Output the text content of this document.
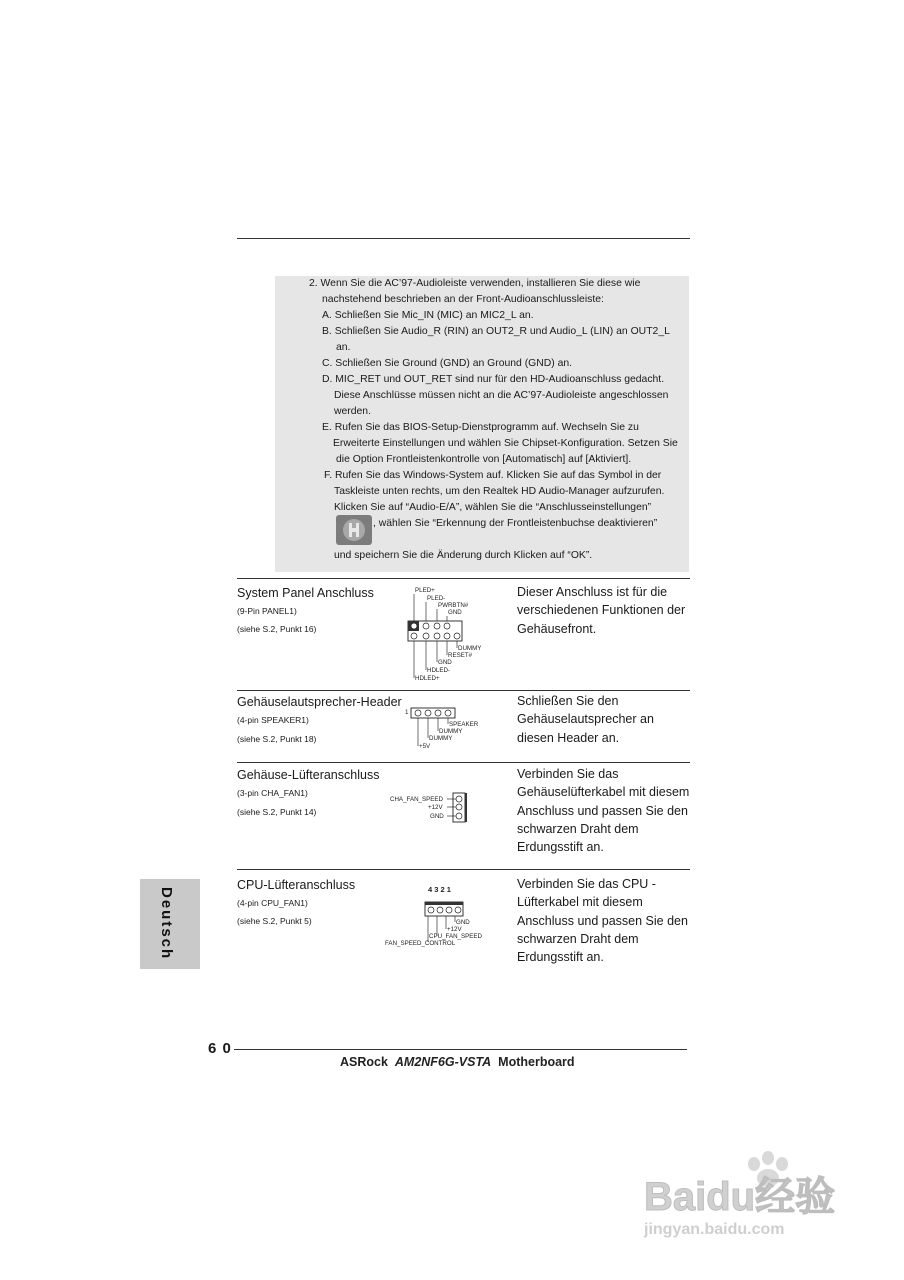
2. Wenn Sie die AC’97-Audioleiste verwenden, installieren Sie diese wie
nachstehend beschrieben an der Front-Audioanschlussleiste:
A. Schließen Sie Mic_IN (MIC) an MIC2_L an.
B. Schließen Sie Audio_R (RIN) an OUT2_R und Audio_L (LIN) an OUT2_L
an.
C. Schließen Sie Ground (GND) an Ground (GND) an.
D. MIC_RET und OUT_RET sind nur für den HD-Audioanschluss gedacht.
Diese Anschlüsse müssen nicht an die AC’97-Audioleiste angeschlossen
werden.
E. Rufen Sie das BIOS-Setup-Dienstprogramm auf. Wechseln Sie zu
Erweiterte Einstellungen und wählen Sie Chipset-Konfiguration. Setzen Sie
die Option Frontleistenkontrolle von [Automatisch] auf [Aktiviert].
F. Rufen Sie das Windows-System auf. Klicken Sie auf das Symbol in der
Taskleiste unten rechts, um den Realtek HD Audio-Manager aufzurufen.
Klicken Sie auf “Audio-E/A”, wählen Sie die “Anschlusseinstellungen”
, wählen Sie “Erkennung der Frontleistenbuchse deaktivieren”
und speichern Sie die Änderung durch Klicken auf “OK”.
Deutsch
System Panel Anschluss
(9-Pin PANEL1)
(siehe S.2, Punkt 16)
Dieser Anschluss ist für die
verschiedenen Funktionen der
Gehäusefront.
PLED+
PLED-
PWRBTN#
GND
DUMMY
RESET#
GND
HDLED-
HDLED+
Gehäuselautsprecher-Header
(4-pin SPEAKER1)
(siehe S.2, Punkt 18)
Schließen Sie den
Gehäuselautsprecher an
diesen Header an.
1
SPEAKER
DUMMY
DUMMY
+5V
Gehäuse-Lüfteranschluss
(3-pin CHA_FAN1)
(siehe S.2, Punkt 14)
Verbinden Sie das
Gehäuselüfterkabel mit diesem
Anschluss und passen Sie den
schwarzen Draht dem
Erdungsstift an.
CHA_FAN_SPEED
+12V
GND
CPU-Lüfteranschluss
(4-pin CPU_FAN1)
(siehe S.2, Punkt 5)
Verbinden Sie das CPU -
Lüfterkabel mit diesem
Anschluss und passen Sie den
schwarzen Draht dem
Erdungsstift an.
4 3 2 1
GND
+12V
CPU_FAN_SPEED
FAN_SPEED_CONTROL
6 0
ASRock AM2NF6G-VSTA Motherboard
Baidu经验
jingyan.baidu.com
